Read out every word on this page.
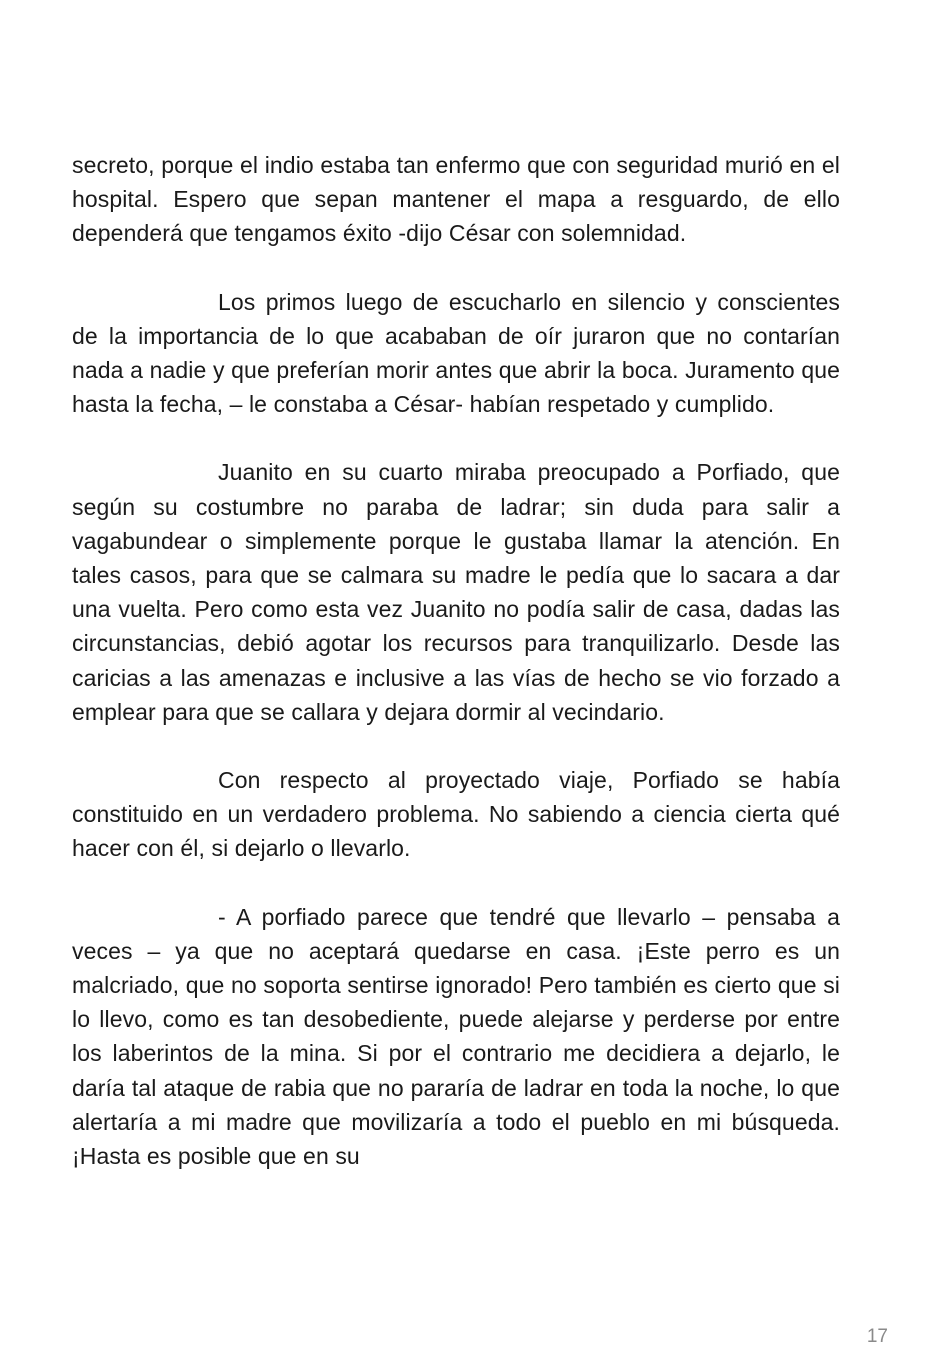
secreto, porque el indio estaba tan enfermo que con seguridad murió en el hospital. Espero que sepan mantener el mapa a resguardo, de ello dependerá que tengamos éxito -dijo César con solemnidad.

Los primos luego de escucharlo en silencio y conscientes de la importancia de lo que acababan de oír juraron que no contarían nada a nadie y que preferían morir antes que abrir la boca. Juramento que hasta la fecha, – le constaba a César- habían respetado y cumplido.

Juanito en su cuarto miraba preocupado a Porfiado, que según su costumbre no paraba de ladrar; sin duda para salir a vagabundear o simplemente porque le gustaba llamar la atención. En tales casos, para que se calmara su madre le pedía que lo sacara a dar una vuelta. Pero como esta vez Juanito no podía salir de casa, dadas las circunstancias, debió agotar los recursos para tranquilizarlo. Desde las caricias a las amenazas e inclusive a las vías de hecho se vio forzado a emplear para que se callara y dejara dormir al vecindario.

Con respecto al proyectado viaje, Porfiado se había constituido en un verdadero problema. No sabiendo a ciencia cierta qué hacer con él, si dejarlo o llevarlo.

- A porfiado parece que tendré que llevarlo – pensaba a veces – ya que no aceptará quedarse en casa. ¡Este perro es un malcriado, que no soporta sentirse ignorado! Pero también es cierto que si lo llevo, como es tan desobediente, puede alejarse y perderse por entre los laberintos de la mina. Si por el contrario me decidiera a dejarlo, le daría tal ataque de rabia que no pararía de ladrar en toda la noche, lo que alertaría a mi madre que movilizaría a todo el pueblo en mi búsqueda. ¡Hasta es posible que en su

17
